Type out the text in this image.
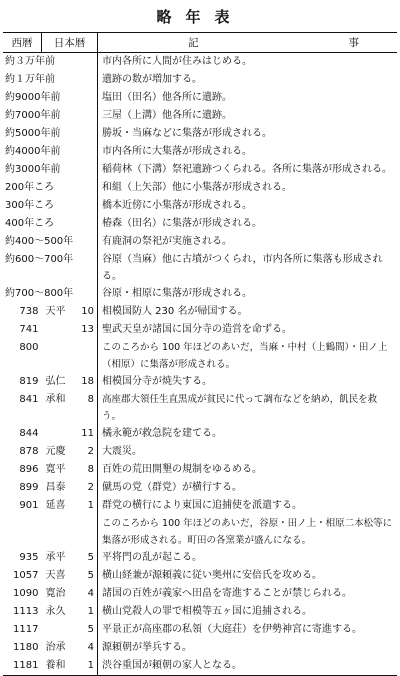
略年表
西暦	日本暦		記 事
約３万年前			市内各所に人間が住みはじめる。
約１万年前			遺跡の数が増加する。
約9000年前			塩田（田名）他各所に遺跡。
約7000年前			三屋（上溝）他各所に遺跡。
約5000年前			勝坂・当麻などに集落が形成される。
約4000年前			市内各所に大集落が形成される。
約3000年前			稲荷林（下溝）祭祀遺跡つくられる。各所に集落が形成される。
200年ころ			和組（上矢部）他に小集落が形成される。
300年ころ			橋本近傍に小集落が形成される。
400年ころ			椿森（田名）に集落が形成される。
約400～500年			有鹿洞の祭祀が実施される。
約600～700年			谷原（当麻）他に古墳がつくられ，市内各所に集落も形成される。
約700～800年			谷原・相原に集落が形成される。
738	天平	10	相模国防人 230 名が帰国する。
741		13	聖武天皇が諸国に国分寺の造営を命ずる。
800			このころから 100 年ほどのあいだ，当麻・中村（上鶴間）・田ノ上（相原）に集落が形成される。
819	弘仁	18	相模国分寺が焼失する。
841	承和	8	高座郡大領任生直黒成が貧民に代って調布などを納め，飢民を救う。
844		11	橘永範が救急院を建てる。
878	元慶	2	大震災。
896	寛平	8	百姓の荒田開墾の規制をゆるめる。
899	昌泰	2	僦馬の党（群党）が横行する。
901	延喜	1	群党の横行により東国に追捕使を派遣する。
			このころから 100 年ほどのあいだ，谷原・田ノ上・相原二本松等に集落が形成される。町田の各窯業が盛んになる。
935	承平	5	平将門の乱が起こる。
1057	天喜	5	横山経兼が源頼義に従い奥州に安倍氏を攻める。
1090	寛治	4	諸国の百姓が義家へ田畠を寄進することが禁じられる。
1113	永久	1	横山党殺人の罪で相模等五ヶ国に追捕される。
1117		5	平景正が高座郡の私領（大庭荘）を伊勢神宮に寄進する。
1180	治承	4	源頼朝が挙兵する。
1181	養和	1	渋谷重国が頼朝の家人となる。
